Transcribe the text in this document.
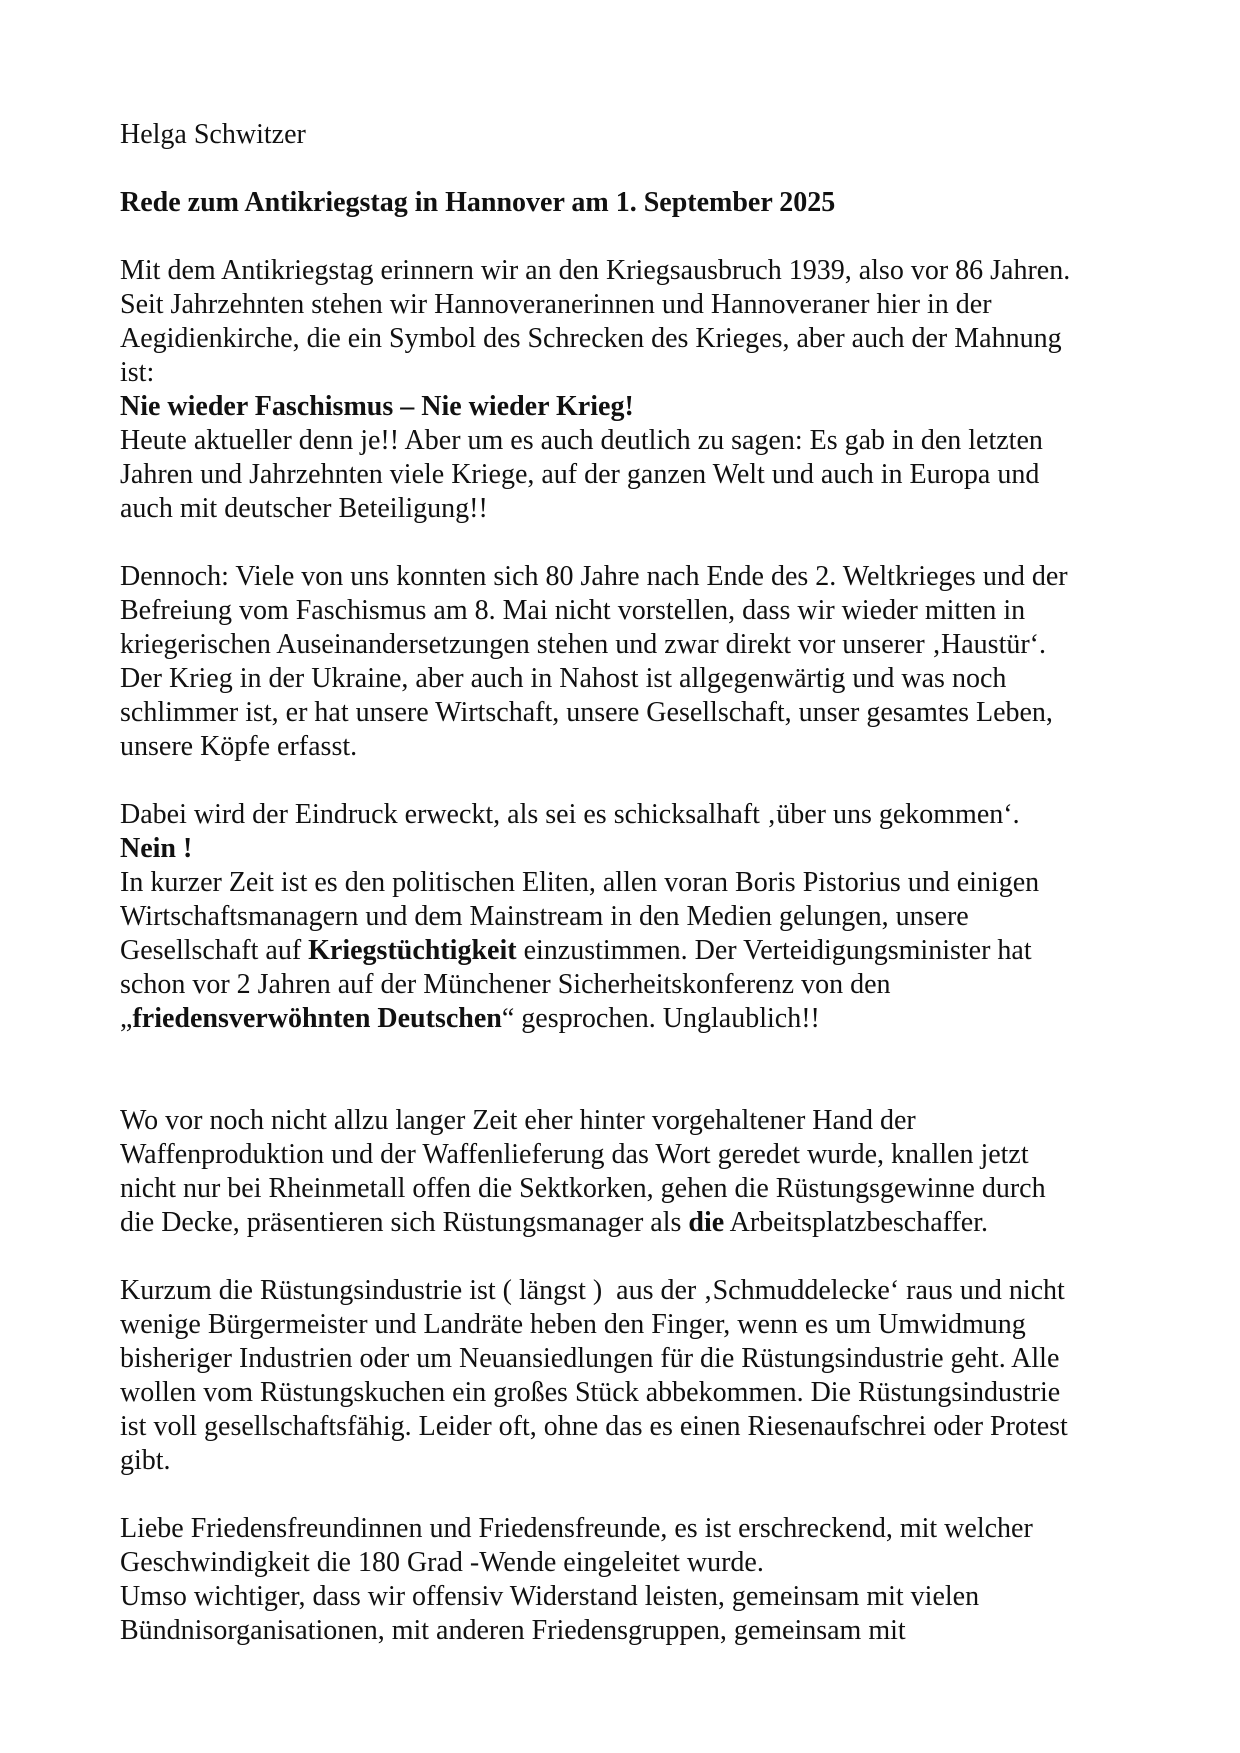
Helga Schwitzer
Rede zum Antikriegstag in Hannover am 1. September 2025
Mit dem Antikriegstag erinnern wir an den Kriegsausbruch 1939, also vor 86 Jahren.
Seit Jahrzehnten stehen wir Hannoveranerinnen und Hannoveraner hier in der
Aegidienkirche, die ein Symbol des Schrecken des Krieges, aber auch der Mahnung
ist:
Nie wieder Faschismus – Nie wieder Krieg!
Heute aktueller denn je!! Aber um es auch deutlich zu sagen: Es gab in den letzten
Jahren und Jahrzehnten viele Kriege, auf der ganzen Welt und auch in Europa und
auch mit deutscher Beteiligung!!
Dennoch: Viele von uns konnten sich 80 Jahre nach Ende des 2. Weltkrieges und der
Befreiung vom Faschismus am 8. Mai nicht vorstellen, dass wir wieder mitten in
kriegerischen Auseinandersetzungen stehen und zwar direkt vor unserer ‚Haustür‘.
Der Krieg in der Ukraine, aber auch in Nahost ist allgegenwärtig und was noch
schlimmer ist, er hat unsere Wirtschaft, unsere Gesellschaft, unser gesamtes Leben,
unsere Köpfe erfasst.
Dabei wird der Eindruck erweckt, als sei es schicksalhaft ‚über uns gekommen‘.
Nein !
In kurzer Zeit ist es den politischen Eliten, allen voran Boris Pistorius und einigen
Wirtschaftsmanagern und dem Mainstream in den Medien gelungen, unsere
Gesellschaft auf Kriegstüchtigkeit einzustimmen. Der Verteidigungsminister hat
schon vor 2 Jahren auf der Münchener Sicherheitskonferenz von den
„friedensverwöhnten Deutschen“ gesprochen. Unglaublich!!
Wo vor noch nicht allzu langer Zeit eher hinter vorgehaltener Hand der
Waffenproduktion und der Waffenlieferung das Wort geredet wurde, knallen jetzt
nicht nur bei Rheinmetall offen die Sektkorken, gehen die Rüstungsgewinne durch
die Decke, präsentieren sich Rüstungsmanager als die Arbeitsplatzbeschaffer.
Kurzum die Rüstungsindustrie ist ( längst )  aus der ‚Schmuddelecke‘ raus und nicht
wenige Bürgermeister und Landräte heben den Finger, wenn es um Umwidmung
bisheriger Industrien oder um Neuansiedlungen für die Rüstungsindustrie geht. Alle
wollen vom Rüstungskuchen ein großes Stück abbekommen. Die Rüstungsindustrie
ist voll gesellschaftsfähig. Leider oft, ohne das es einen Riesenaufschrei oder Protest
gibt.
Liebe Friedensfreundinnen und Friedensfreunde, es ist erschreckend, mit welcher
Geschwindigkeit die 180 Grad -Wende eingeleitet wurde.
Umso wichtiger, dass wir offensiv Widerstand leisten, gemeinsam mit vielen
Bündnisorganisationen, mit anderen Friedensgruppen, gemeinsam mit
